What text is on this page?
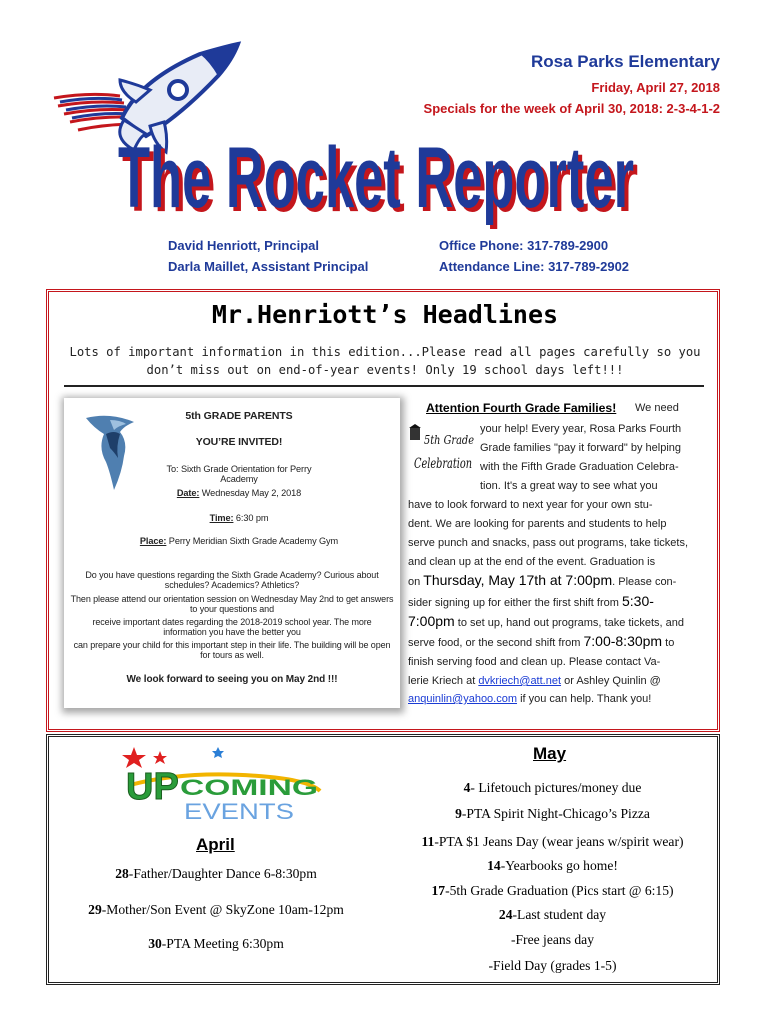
Rosa Parks Elementary
Friday, April 27, 2018
Specials for the week of April 30, 2018: 2-3-4-1-2
The Rocket Reporter
The Rocket Reporter
David Henriott, Principal
Darla Maillet, Assistant Principal
Office Phone: 317-789-2900
Attendance Line: 317-789-2902
Mr.Henriott’s Headlines
Lots of important information in this edition...Please read all pages carefully so you
don’t miss out on end-of-year events! Only 19 school days left!!!
5th GRADE PARENTS
YOU’RE INVITED!
To: Sixth Grade Orientation for Perry Academy
Date: Wednesday May 2, 2018
Time: 6:30 pm
Place: Perry Meridian Sixth Grade Academy Gym
Do you have questions regarding the Sixth Grade Academy? Curious about schedules? Academics? Athletics?
Then please attend our orientation session on Wednesday May 2nd to get answers to your questions and
receive important dates regarding the 2018-2019 school year. The more information you have the better you
can prepare your child for this important step in their life. The building will be open for tours as well.
We look forward to seeing you on May 2nd !!!
Attention Fourth Grade Families! We need
5th Grade
Celebration
your help! Every year, Rosa Parks Fourth
Grade families "pay it forward" by helping
with the Fifth Grade Graduation Celebra-
tion. It's a great way to see what you
have to look forward to next year for your own stu-
dent. We are looking for parents and students to help
serve punch and snacks, pass out programs, take tickets,
and clean up at the end of the event. Graduation is
on Thursday, May 17th at 7:00pm. Please con-
sider signing up for either the first shift from 5:30-
7:00pm to set up, hand out programs, take tickets, and
serve food, or the second shift from 7:00-8:30pm to
finish serving food and clean up. Please contact Va-
lerie Kriech at dvkriech@att.net or Ashley Quinlin @
anquinlin@yahoo.com if you can help. Thank you!
UP COMING
EVENTS
May
April
4- Lifetouch pictures/money due
9-PTA Spirit Night-Chicago’s Pizza
11-PTA $1 Jeans Day (wear jeans w/spirit wear)
14-Yearbooks go home!
17-5th Grade Graduation (Pics start @ 6:15)
24-Last student day
-Free jeans day
-Field Day (grades 1-5)
28-Father/Daughter Dance 6-8:30pm
29-Mother/Son Event @ SkyZone 10am-12pm
30-PTA Meeting 6:30pm
